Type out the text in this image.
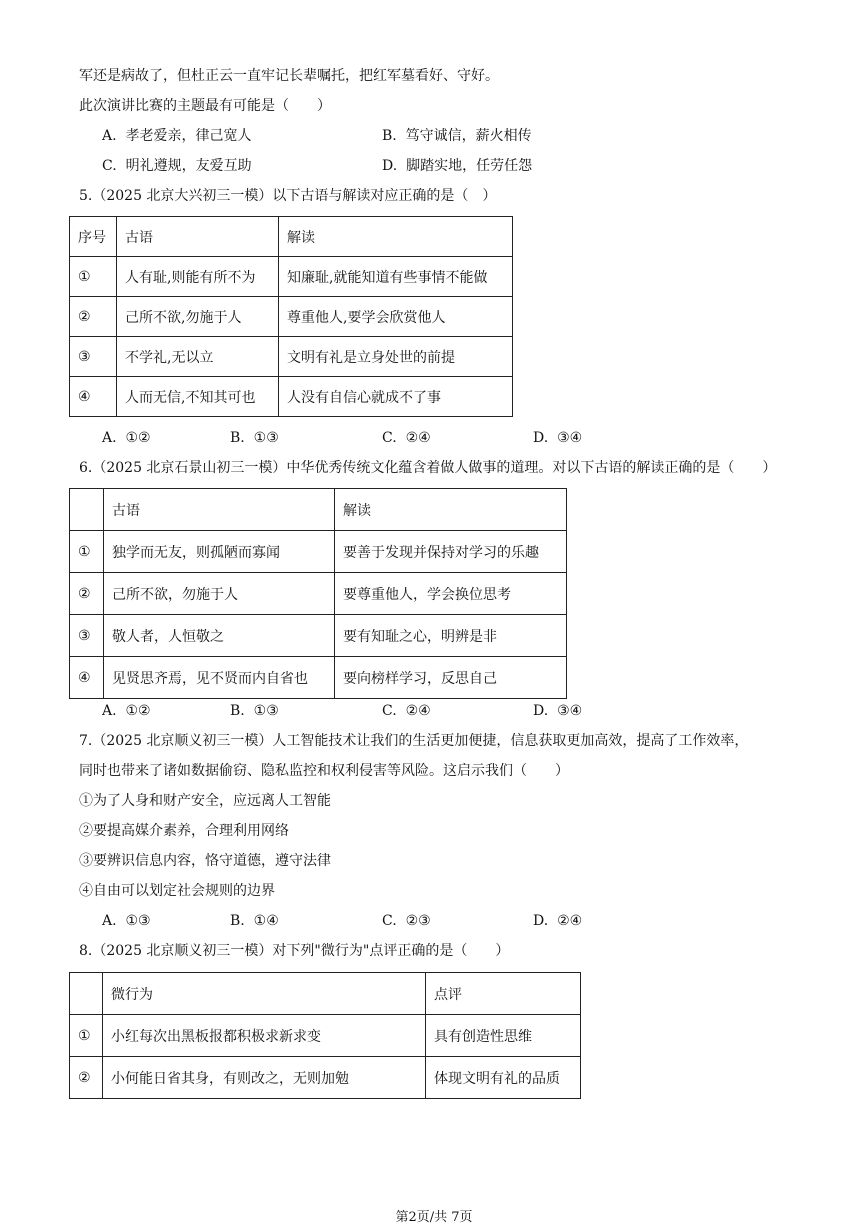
军还是病故了，但杜正云一直牢记长辈嘱托，把红军墓看好、守好。
此次演讲比赛的主题最有可能是（　　）
A. 孝老爱亲，律己宽人	B. 笃守诚信，薪火相传
C. 明礼遵规，友爱互助	D. 脚踏实地，任劳任怨
5.（2025 北京大兴初三一模）以下古语与解读对应正确的是（　）
序号	古语	解读
①	人有耻,则能有所不为	知廉耻,就能知道有些事情不能做
②	己所不欲,勿施于人	尊重他人,要学会欣赏他人
③	不学礼,无以立	文明有礼是立身处世的前提
④	人而无信,不知其可也	人没有自信心就成不了事
A. ①②	B. ①③	C. ②④	D. ③④
6.（2025 北京石景山初三一模）中华优秀传统文化蕴含着做人做事的道理。对以下古语的解读正确的是（　　）
	古语	解读
①	独学而无友，则孤陋而寡闻	要善于发现并保持对学习的乐趣
②	己所不欲，勿施于人	要尊重他人，学会换位思考
③	敬人者，人恒敬之	要有知耻之心，明辨是非
④	见贤思齐焉，见不贤而内自省也	要向榜样学习，反思自己
A. ①②	B. ①③	C. ②④	D. ③④
7.（2025 北京顺义初三一模）人工智能技术让我们的生活更加便捷，信息获取更加高效，提高了工作效率，
同时也带来了诸如数据偷窃、隐私监控和权利侵害等风险。这启示我们（　　）
①为了人身和财产安全，应远离人工智能
②要提高媒介素养，合理利用网络
③要辨识信息内容，恪守道德，遵守法律
④自由可以划定社会规则的边界
A. ①③	B. ①④	C. ②③	D. ②④
8.（2025 北京顺义初三一模）对下列"微行为"点评正确的是（　　）
	微行为	点评
①	小红每次出黑板报都积极求新求变	具有创造性思维
②	小何能日省其身，有则改之，无则加勉	体现文明有礼的品质
第2页/共 7页
